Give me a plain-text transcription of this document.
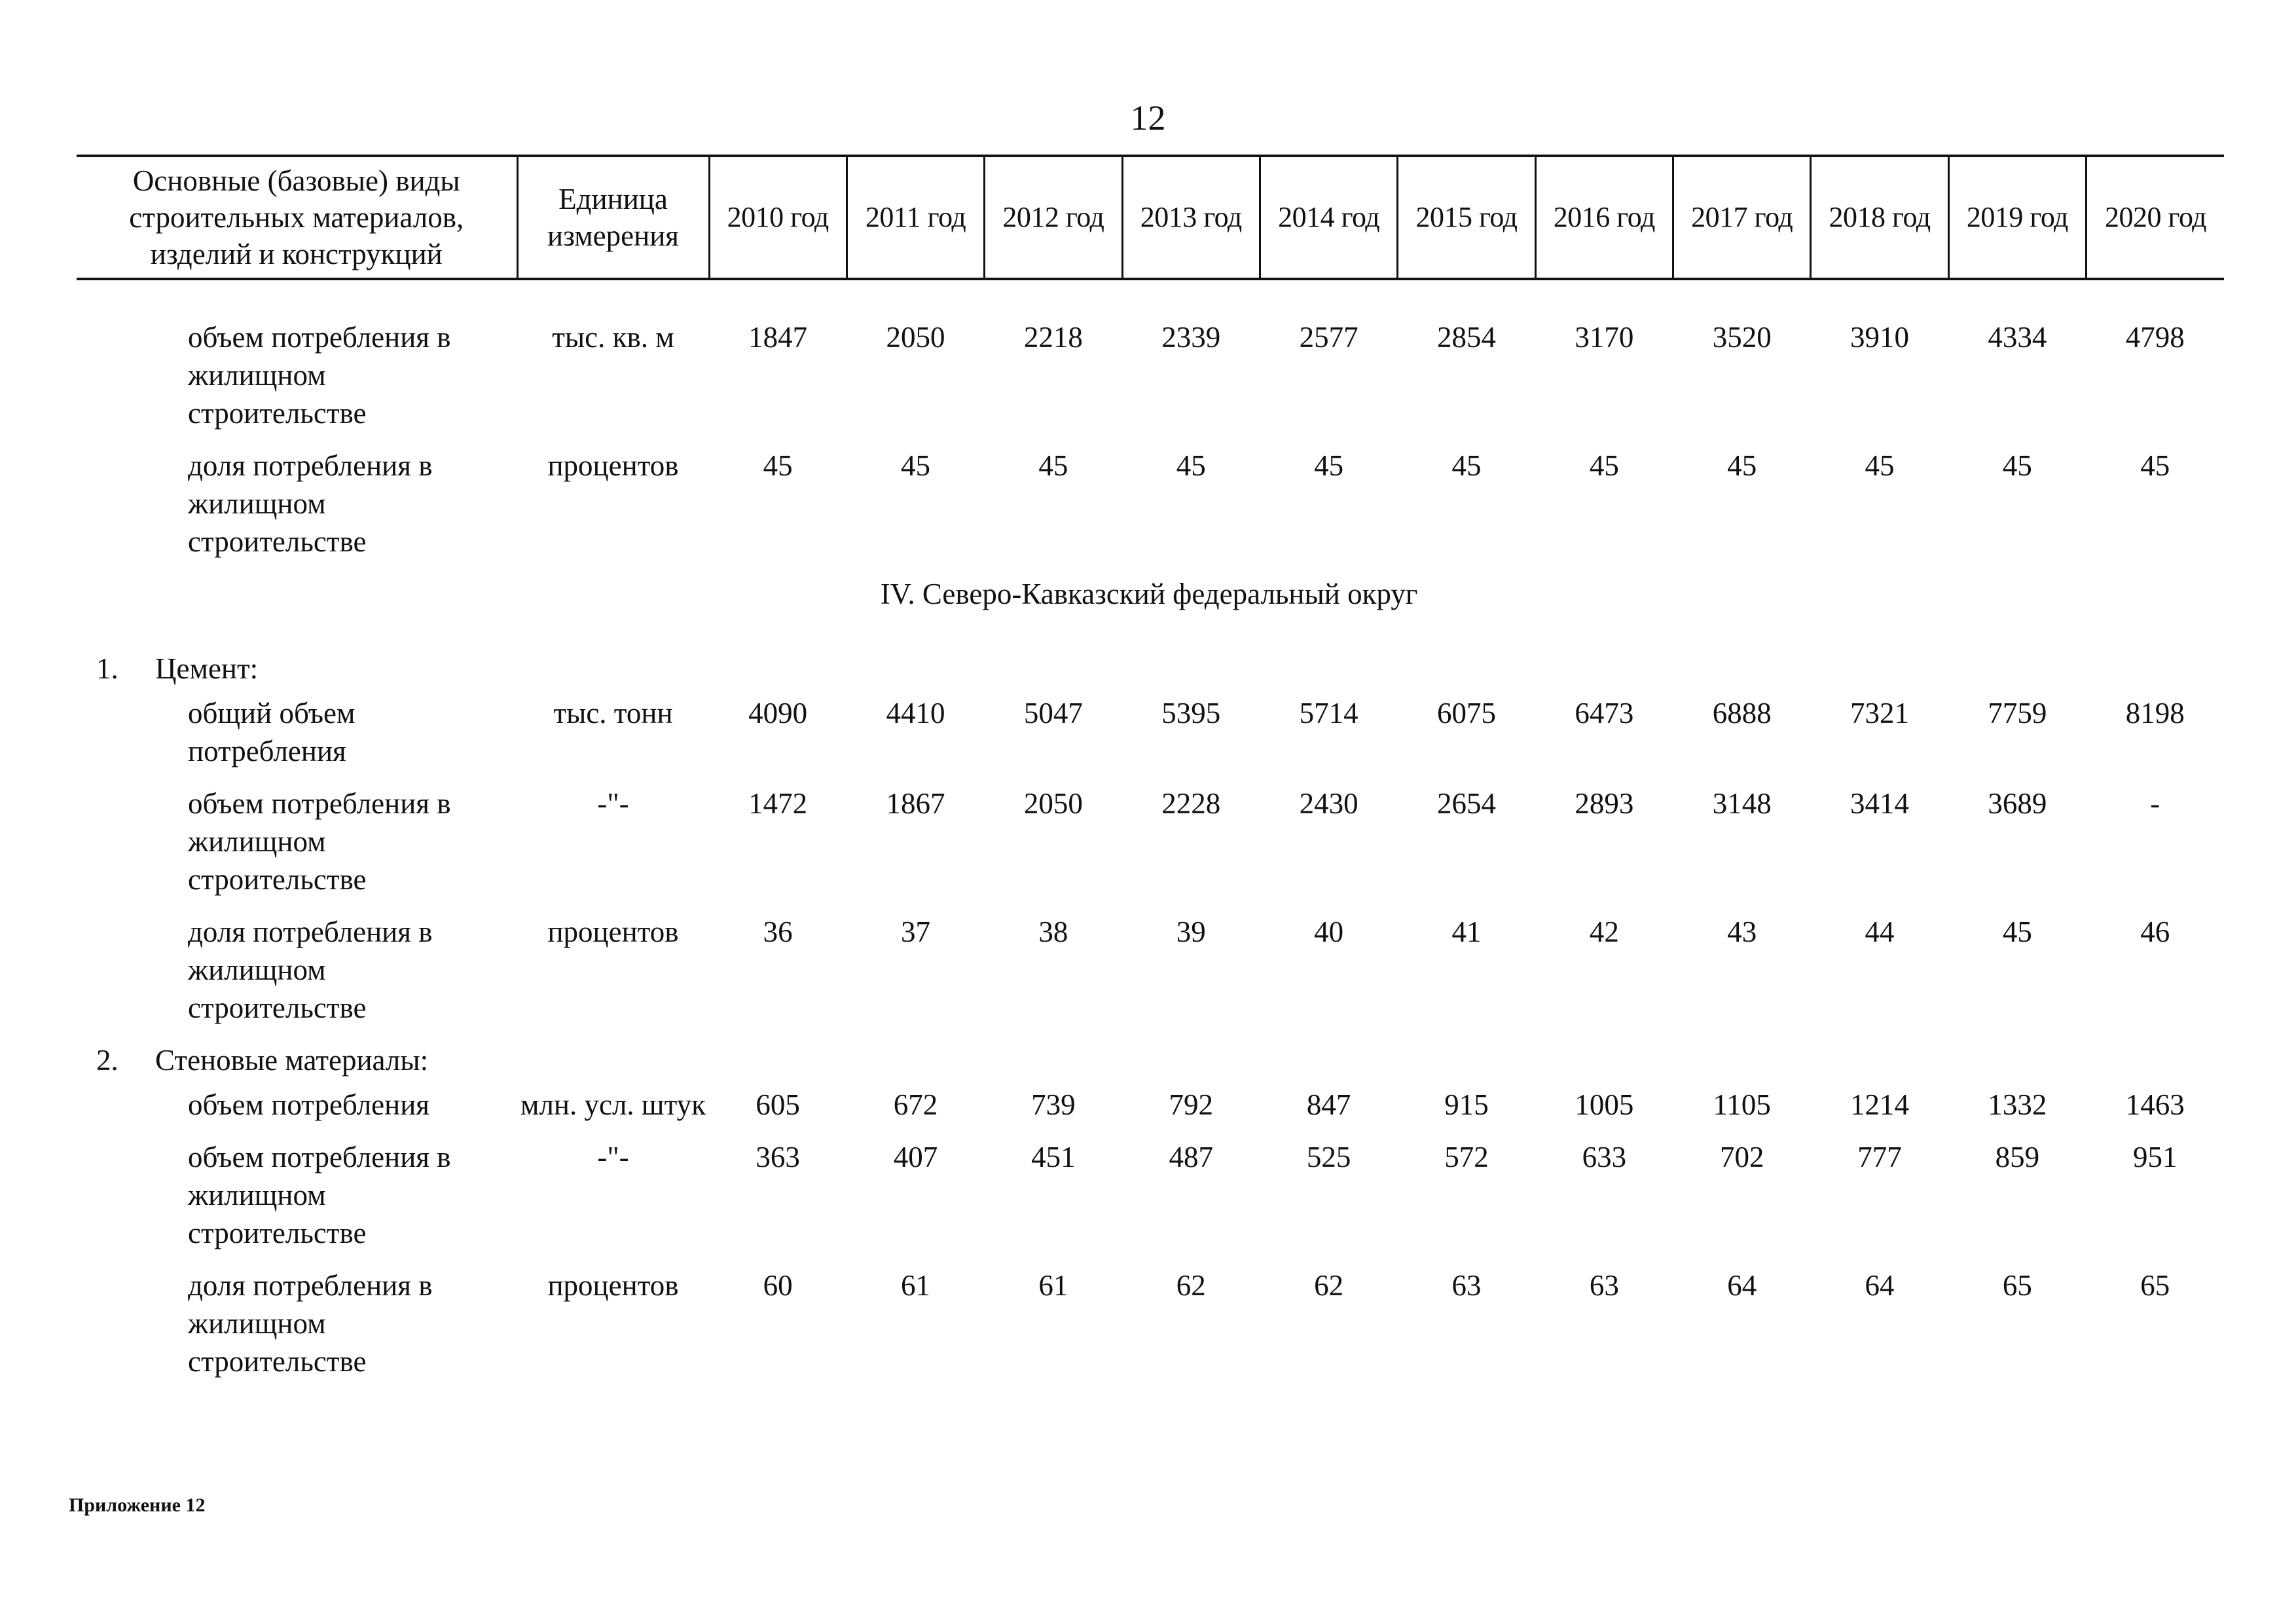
12
Основные (базовые) виды строительных материалов, изделий и конструкций	Единица измерения	2010 год	2011 год	2012 год	2013 год	2014 год	2015 год	2016 год	2017 год	2018 год	2019 год	2020 год

объем потребления в жилищном строительстве	тыс. кв. м	1847	2050	2218	2339	2577	2854	3170	3520	3910	4334	4798
доля потребления в жилищном строительстве	процентов	45	45	45	45	45	45	45	45	45	45	45
IV. Северо-Кавказский федеральный округ												
1. Цемент:												
общий объем потребления	тыс. тонн	4090	4410	5047	5395	5714	6075	6473	6888	7321	7759	8198
объем потребления в жилищном строительстве	-"-	1472	1867	2050	2228	2430	2654	2893	3148	3414	3689	-
доля потребления в жилищном строительстве	процентов	36	37	38	39	40	41	42	43	44	45	46
2. Стеновые материалы:												
объем потребления	млн. усл. штук	605	672	739	792	847	915	1005	1105	1214	1332	1463
объем потребления в жилищном строительстве	-"-	363	407	451	487	525	572	633	702	777	859	951
доля потребления в жилищном строительстве	процентов	60	61	61	62	62	63	63	64	64	65	65
Приложение 12
